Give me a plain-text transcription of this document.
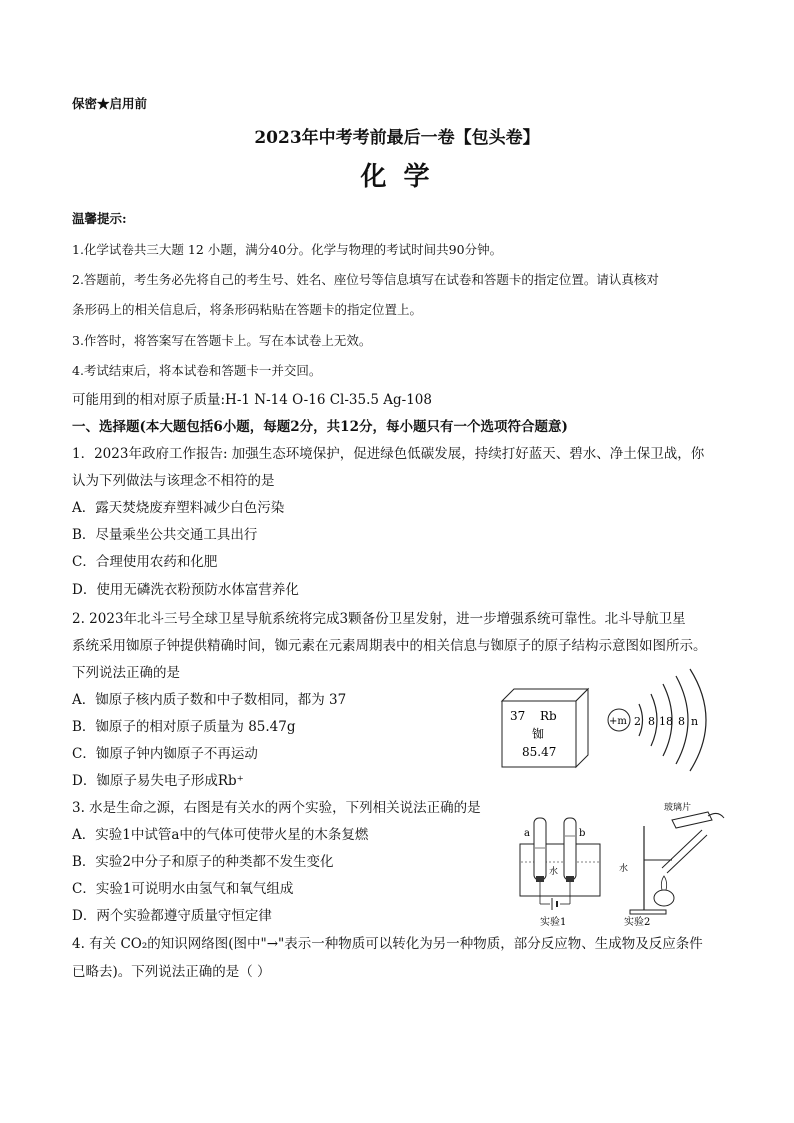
保密★启用前
2023年中考考前最后一卷【包头卷】
化 学
温馨提示:
1.化学试卷共三大题 12 小题，满分40分。化学与物理的考试时间共90分钟。
2.答题前，考生务必先将自己的考生号、姓名、座位号等信息填写在试卷和答题卡的指定位置。请认真核对
条形码上的相关信息后，将条形码粘贴在答题卡的指定位置上。
3.作答时，将答案写在答题卡上。写在本试卷上无效。
4.考试结束后，将本试卷和答题卡一并交回。
可能用到的相对原子质量:H-1 N-14 O-16 Cl-35.5 Ag-108
一、选择题(本大题包括6小题，每题2分，共12分，每小题只有一个选项符合题意)
1．2023年政府工作报告: 加强生态环境保护，促进绿色低碳发展，持续打好蓝天、碧水、净土保卫战，你
认为下列做法与该理念不相符的是
A．露天焚烧废弃塑料减少白色污染
B．尽量乘坐公共交通工具出行
C．合理使用农药和化肥
D．使用无磷洗衣粉预防水体富营养化
2. 2023年北斗三号全球卫星导航系统将完成3颗备份卫星发射，进一步增强系统可靠性。北斗导航卫星
系统采用铷原子钟提供精确时间，铷元素在元素周期表中的相关信息与铷原子的原子结构示意图如图所示。
下列说法正确的是
A．铷原子核内质子数和中子数相同，都为 37
B．铷原子的相对原子质量为 85.47g
C．铷原子钟内铷原子不再运动
D．铷原子易失电子形成Rb⁺
37 Rb
铷
85.47
+m 2 8 18 8 n
3. 水是生命之源，右图是有关水的两个实验，下列相关说法正确的是
A．实验1中试管a中的气体可使带火星的木条复燃
B．实验2中分子和原子的种类都不发生变化
C．实验1可说明水由氢气和氧气组成
D．两个实验都遵守质量守恒定律
a	b
水
实验1
玻璃片
水
实验2
4. 有关 CO₂的知识网络图(图中"→"表示一种物质可以转化为另一种物质，部分反应物、生成物及反应条件
已略去)。下列说法正确的是（ ）
